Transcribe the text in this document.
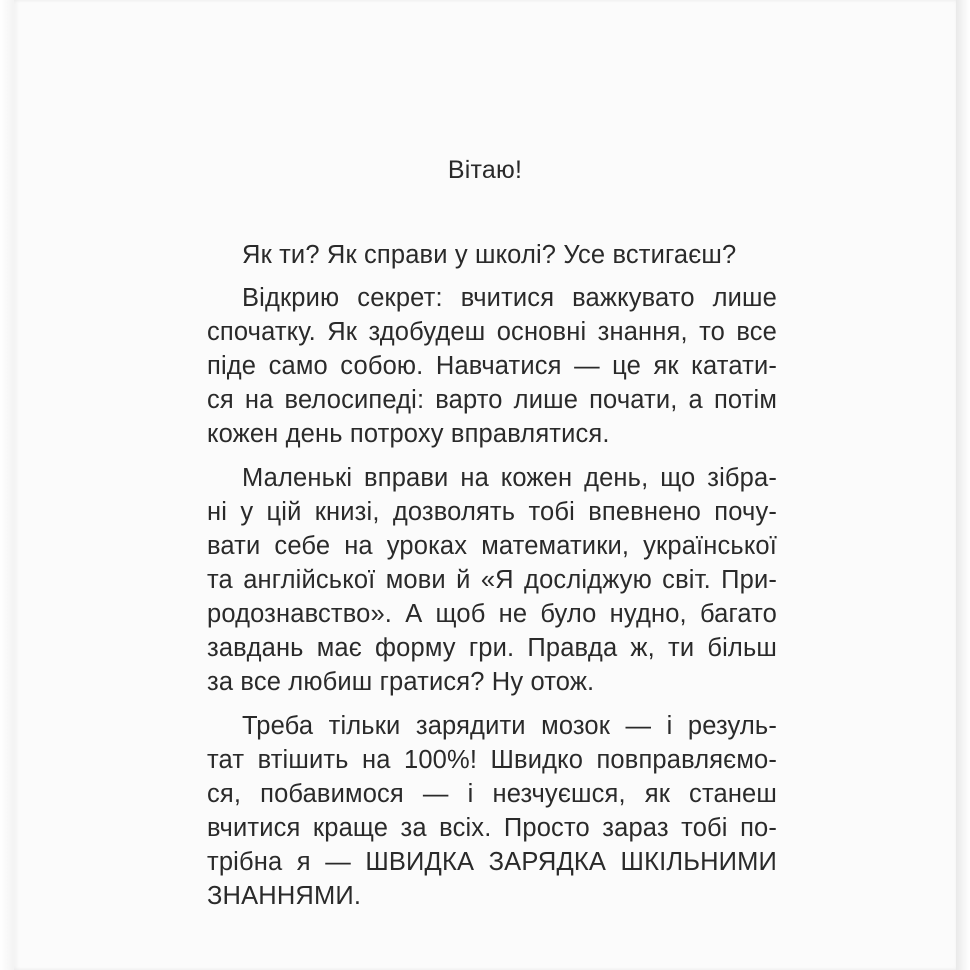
Вітаю!
Як ти? Як справи у школі? Усе встигаєш?
Відкрию секрет: вчитися важкувато лише
спочатку. Як здобудеш основні знання, то все
піде само собою. Навчатися — це як катати-
ся на велосипеді: варто лише почати, а потім
кожен день потроху вправлятися.
Маленькі вправи на кожен день, що зібра-
ні у цій книзі, дозволять тобі впевнено почу-
вати себе на уроках математики, української
та англійської мови й «Я досліджую світ. При-
родознавство». А щоб не було нудно, багато
завдань має форму гри. Правда ж, ти більш
за все любиш гратися? Ну отож.
Треба тільки зарядити мозок — і резуль-
тат втішить на 100%! Швидко повправляємо-
ся, побавимося — і незчуєшся, як станеш
вчитися краще за всіх. Просто зараз тобі по-
трібна я — ШВИДКА ЗАРЯДКА ШКІЛЬНИМИ
ЗНАННЯМИ.
